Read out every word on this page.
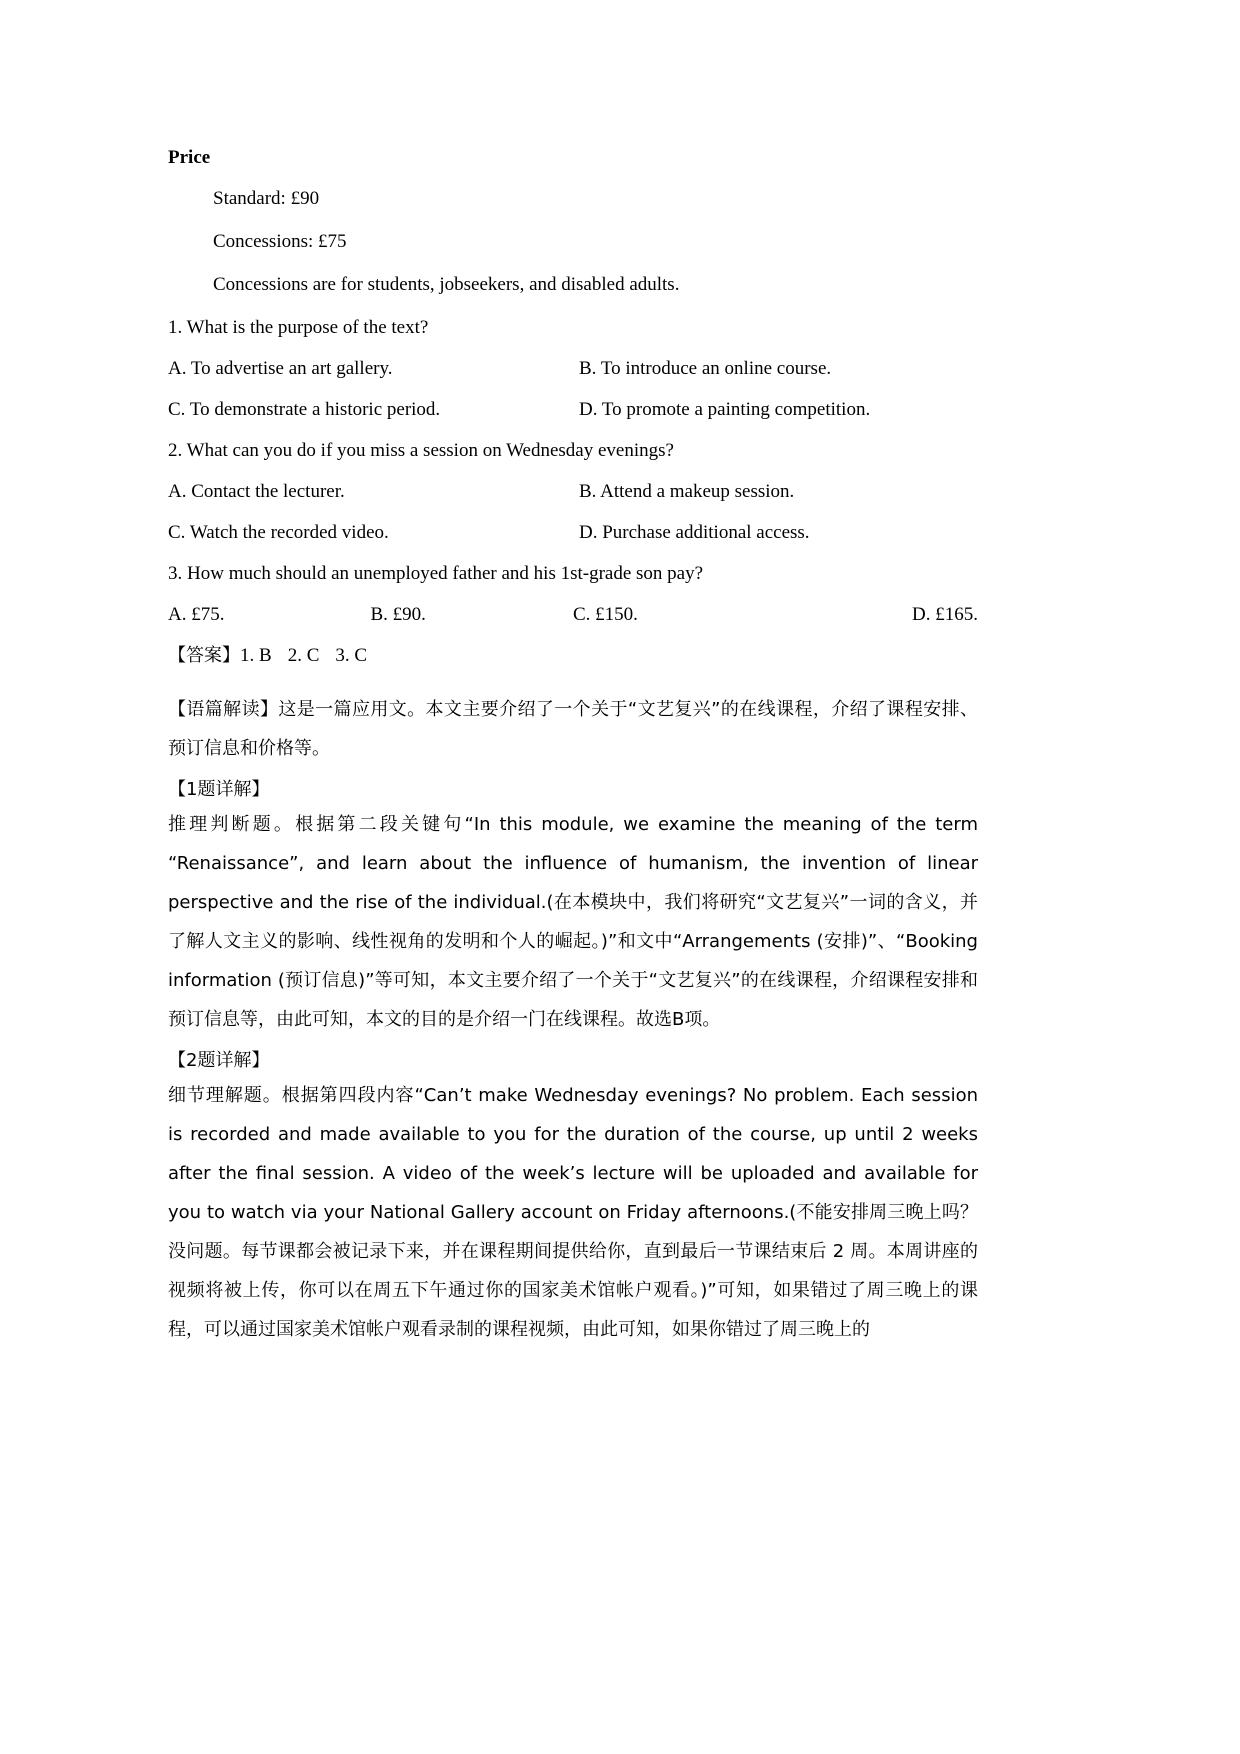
Price
Standard: £90
Concessions: £75
Concessions are for students, jobseekers, and disabled adults.
1. What is the purpose of the text?
A. To advertise an art gallery.	B. To introduce an online course.
C. To demonstrate a historic period.	D. To promote a painting competition.
2. What can you do if you miss a session on Wednesday evenings?
A. Contact the lecturer.	B. Attend a makeup session.
C. Watch the recorded video.	D. Purchase additional access.
3. How much should an unemployed father and his 1st-grade son pay?
A. £75.	B. £90.	C. £150.	D. £165.
【答案】1. B 2. C 3. C
【语篇解读】这是一篇应用文。本文主要介绍了一个关于“文艺复兴”的在线课程，介绍了课程安排、预订信息和价格等。
【1题详解】
推理判断题。根据第二段关键句“In this module, we examine the meaning of the term “Renaissance”, and learn about the influence of humanism, the invention of linear perspective and the rise of the individual.(在本模块中，我们将研究“文艺复兴”一词的含义，并了解人文主义的影响、线性视角的发明和个人的崛起。)”和文中“Arrangements (安排)”、“Booking information (预订信息)”等可知，本文主要介绍了一个关于“文艺复兴”的在线课程，介绍课程安排和预订信息等，由此可知，本文的目的是介绍一门在线课程。故选B项。
【2题详解】
细节理解题。根据第四段内容“Can’t make Wednesday evenings? No problem. Each session is recorded and made available to you for the duration of the course, up until 2 weeks after the final session. A video of the week’s lecture will be uploaded and available for you to watch via your National Gallery account on Friday afternoons.(不能安排周三晚上吗？没问题。每节课都会被记录下来，并在课程期间提供给你，直到最后一节课结束后 2 周。本周讲座的视频将被上传，你可以在周五下午通过你的国家美术馆帐户观看。)”可知，如果错过了周三晚上的课程，可以通过国家美术馆帐户观看录制的课程视频，由此可知，如果你错过了周三晚上的
